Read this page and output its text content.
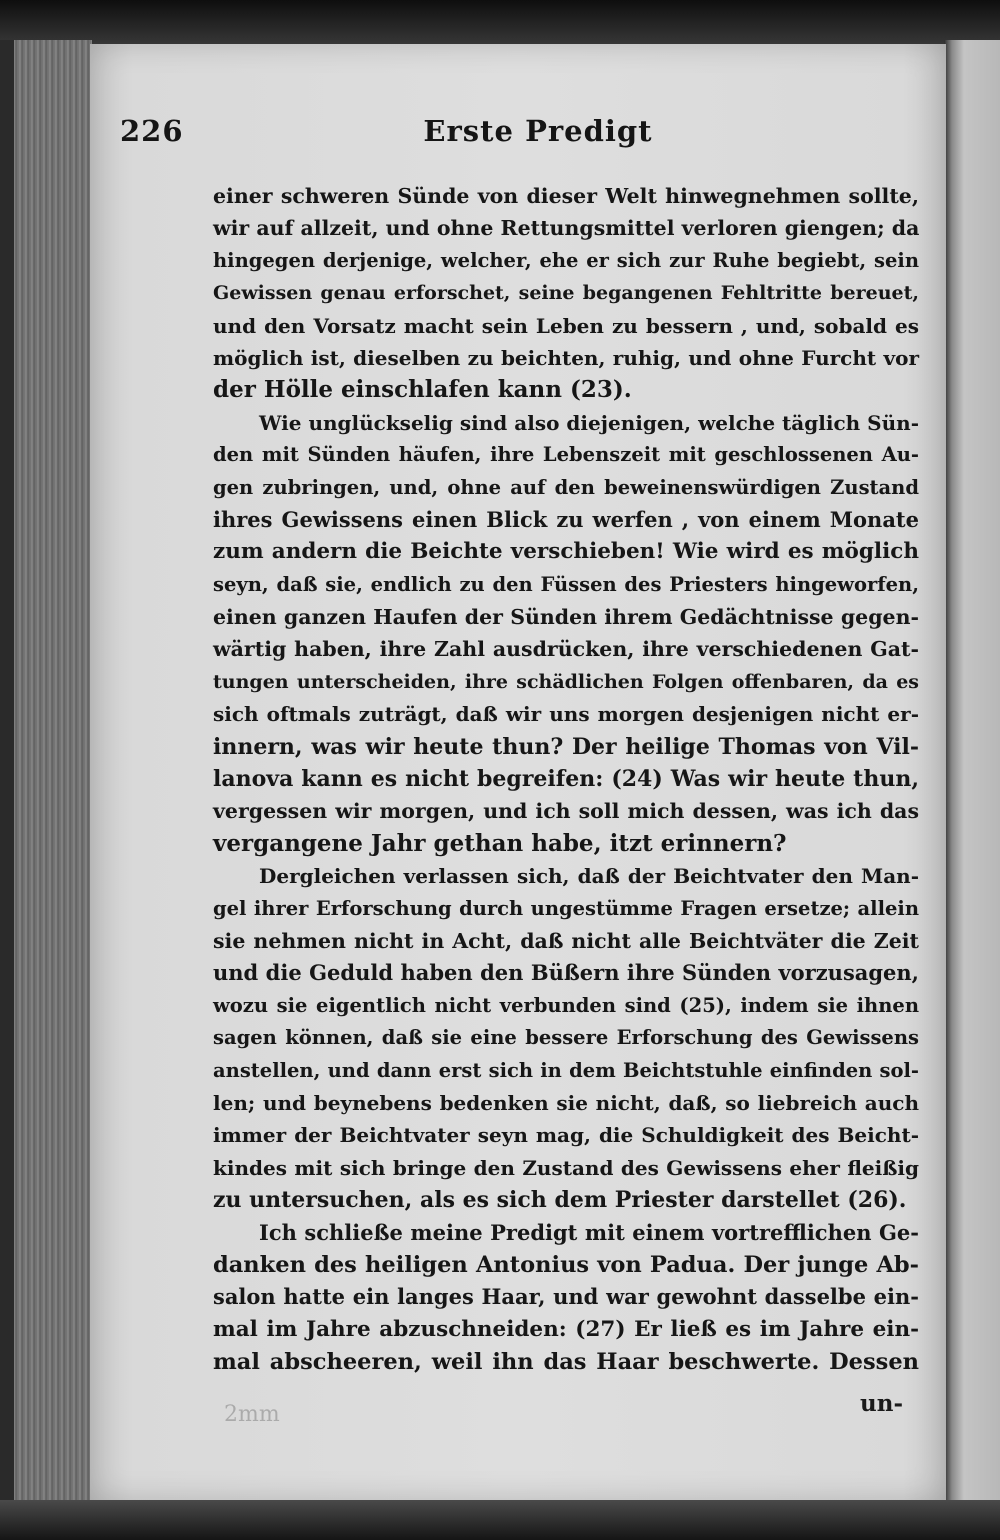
226	Erste Predigt
einer schweren Sünde von dieser Welt hinwegnehmen sollte,
wir auf allzeit, und ohne Rettungsmittel verloren giengen; da
hingegen derjenige, welcher, ehe er sich zur Ruhe begiebt, sein
Gewissen genau erforschet, seine begangenen Fehltritte bereuet,
und den Vorsatz macht sein Leben zu bessern , und, sobald es
möglich ist, dieselben zu beichten, ruhig, und ohne Furcht vor
der Hölle einschlafen kann (23).
Wie unglückselig sind also diejenigen, welche täglich Sün-
den mit Sünden häufen, ihre Lebenszeit mit geschlossenen Au-
gen zubringen, und, ohne auf den beweinenswürdigen Zustand
ihres Gewissens einen Blick zu werfen , von einem Monate
zum andern die Beichte verschieben! Wie wird es möglich
seyn, daß sie, endlich zu den Füssen des Priesters hingeworfen,
einen ganzen Haufen der Sünden ihrem Gedächtnisse gegen-
wärtig haben, ihre Zahl ausdrücken, ihre verschiedenen Gat-
tungen unterscheiden, ihre schädlichen Folgen offenbaren, da es
sich oftmals zuträgt, daß wir uns morgen desjenigen nicht er-
innern, was wir heute thun? Der heilige Thomas von Vil-
lanova kann es nicht begreifen: (24) Was wir heute thun,
vergessen wir morgen, und ich soll mich dessen, was ich das
vergangene Jahr gethan habe, itzt erinnern?
Dergleichen verlassen sich, daß der Beichtvater den Man-
gel ihrer Erforschung durch ungestümme Fragen ersetze; allein
sie nehmen nicht in Acht, daß nicht alle Beichtväter die Zeit
und die Geduld haben den Büßern ihre Sünden vorzusagen,
wozu sie eigentlich nicht verbunden sind (25), indem sie ihnen
sagen können, daß sie eine bessere Erforschung des Gewissens
anstellen, und dann erst sich in dem Beichtstuhle einfinden sol-
len; und beynebens bedenken sie nicht, daß, so liebreich auch
immer der Beichtvater seyn mag, die Schuldigkeit des Beicht-
kindes mit sich bringe den Zustand des Gewissens eher fleißig
zu untersuchen, als es sich dem Priester darstellet (26).
Ich schließe meine Predigt mit einem vortrefflichen Ge-
danken des heiligen Antonius von Padua. Der junge Ab-
salon hatte ein langes Haar, und war gewohnt dasselbe ein-
mal im Jahre abzuschneiden: (27) Er ließ es im Jahre ein-
mal abscheeren, weil ihn das Haar beschwerte. Dessen
2mm	un-
